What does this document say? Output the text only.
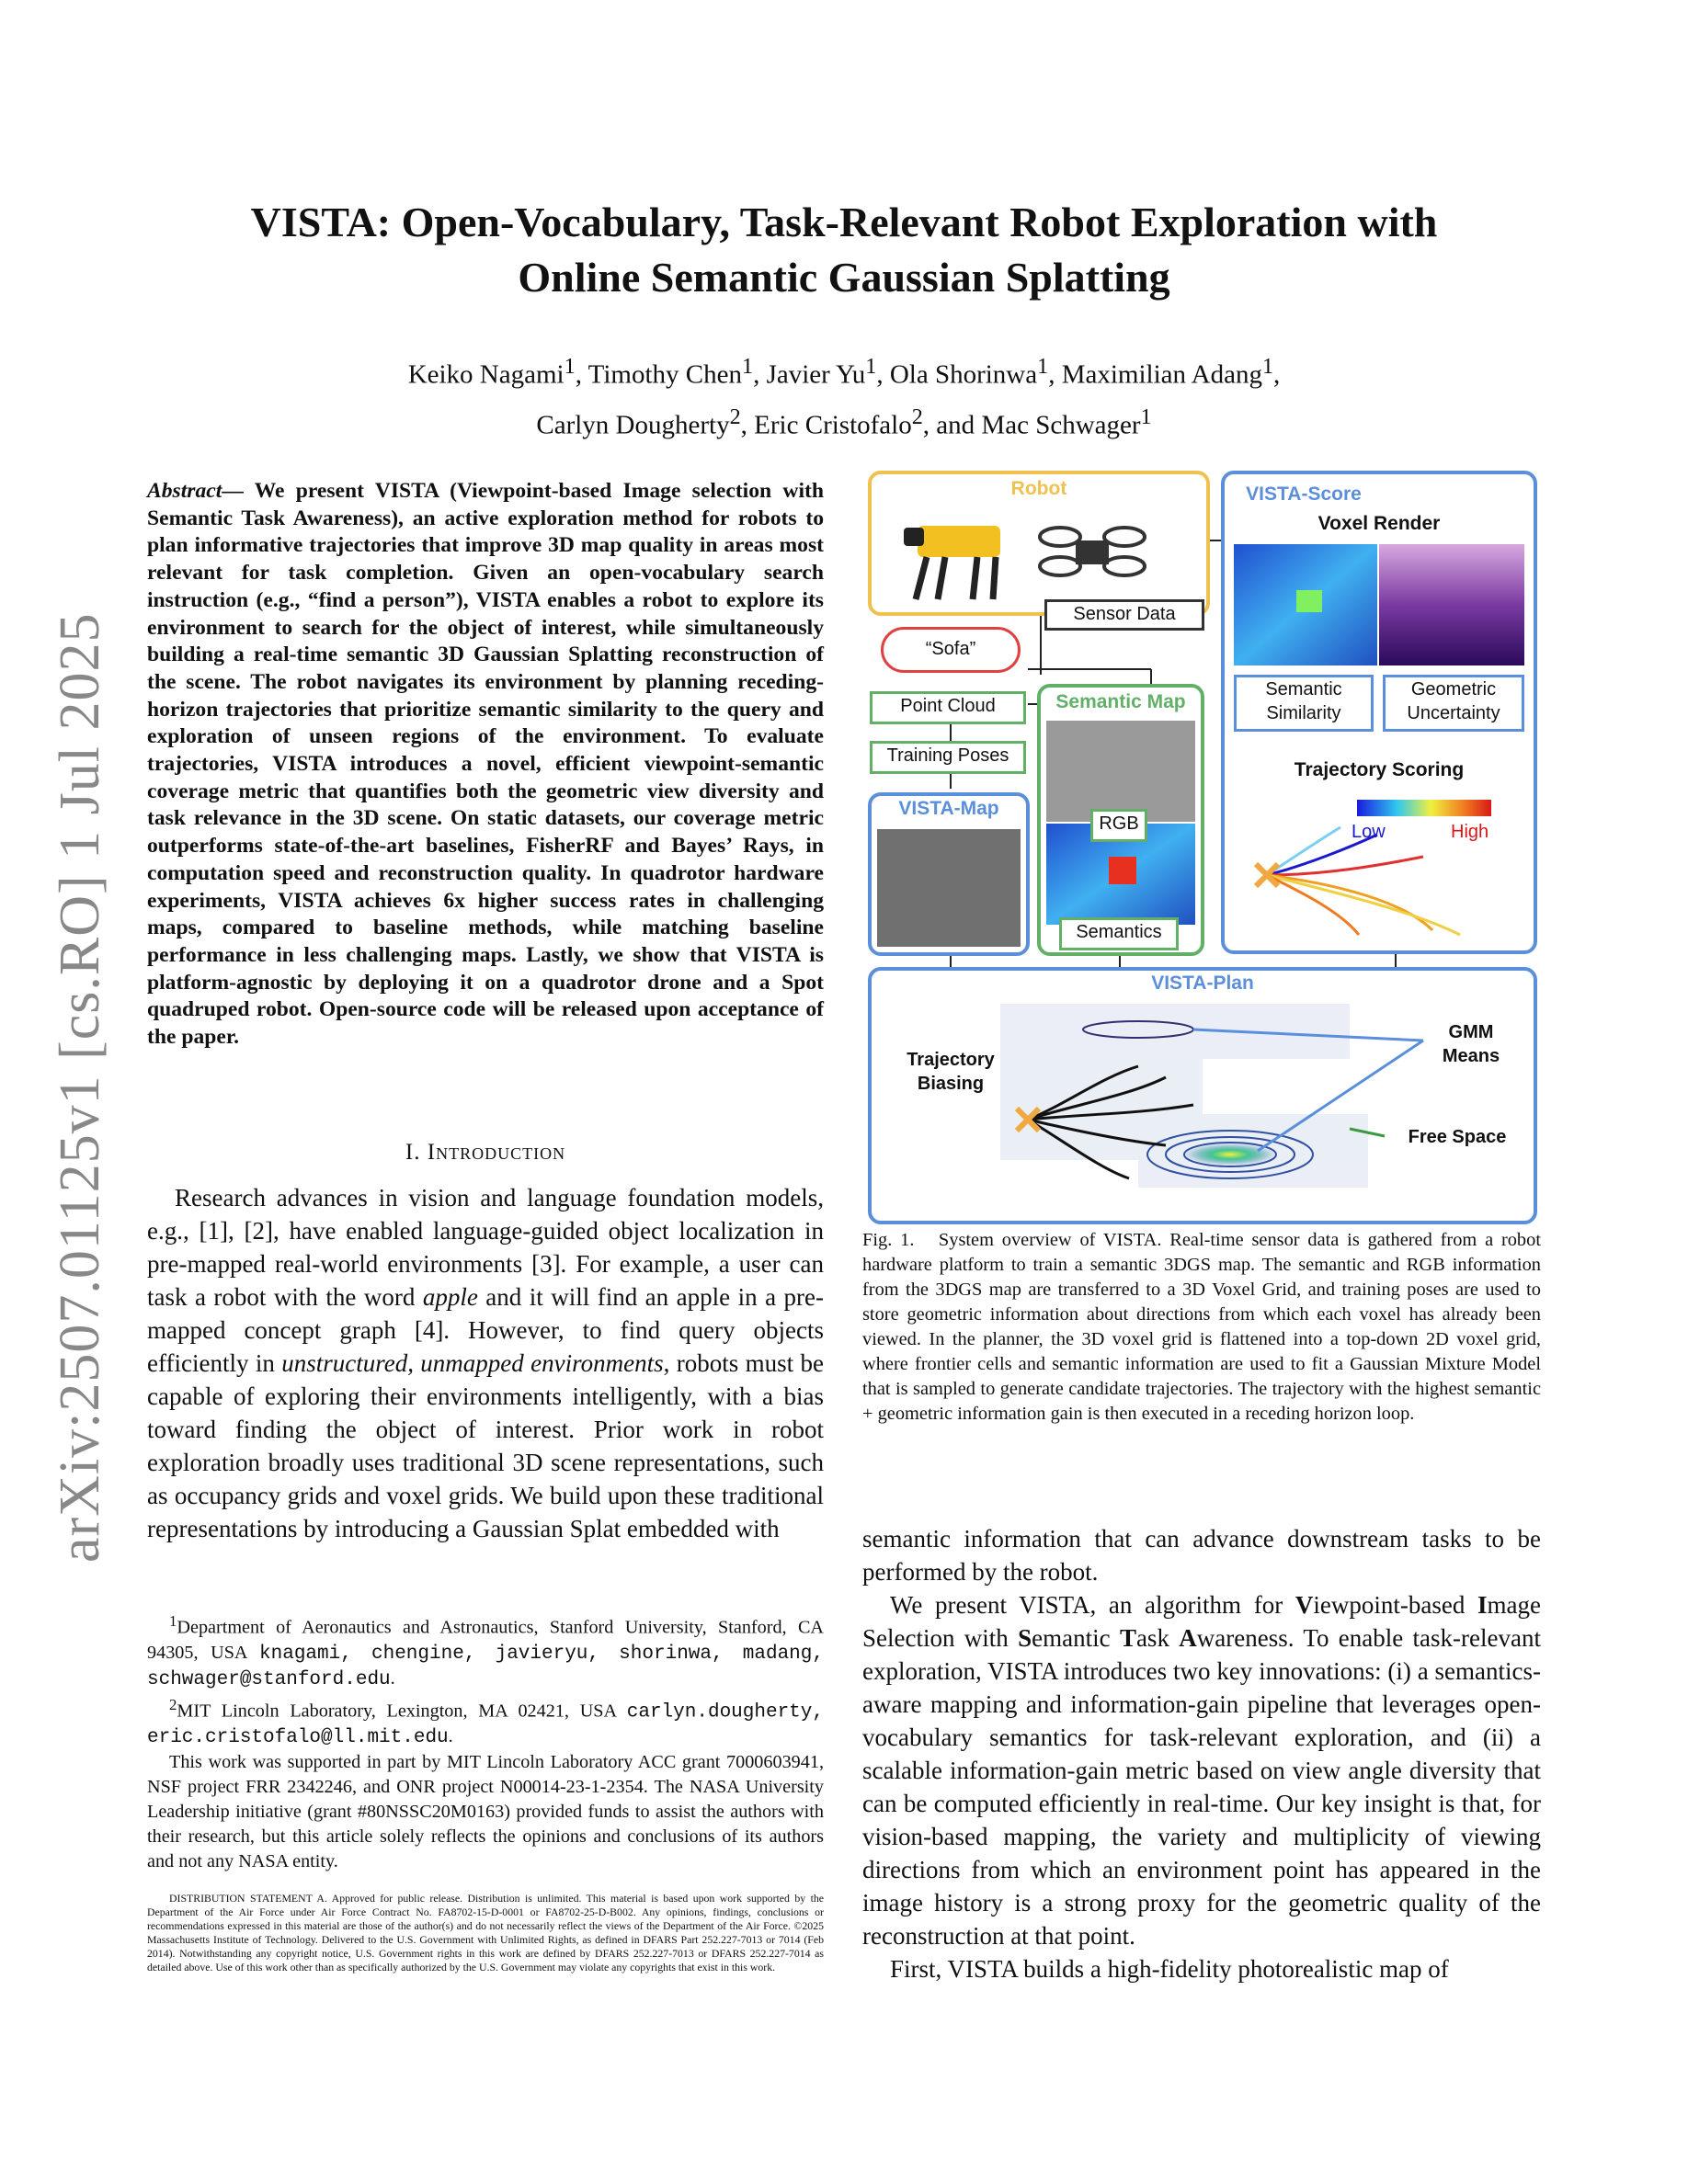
arXiv:2507.01125v1 [cs.RO] 1 Jul 2025
VISTA: Open-Vocabulary, Task-Relevant Robot Exploration with
Online Semantic Gaussian Splatting
Keiko Nagami$^1$, Timothy Chen$^1$, Javier Yu$^1$, Ola Shorinwa$^1$, Maximilian Adang$^1$,
Carlyn Dougherty$^2$, Eric Cristofalo$^2$, and Mac Schwager$^1$
Abstract— We present VISTA (Viewpoint-based Image selection with Semantic Task Awareness), an active exploration method for robots to plan informative trajectories that improve 3D map quality in areas most relevant for task completion. Given an open-vocabulary search instruction (e.g., “find a person”), VISTA enables a robot to explore its environment to search for the object of interest, while simultaneously building a real-time semantic 3D Gaussian Splatting reconstruction of the scene. The robot navigates its environment by planning receding-horizon trajectories that prioritize semantic similarity to the query and exploration of unseen regions of the environment. To evaluate trajectories, VISTA introduces a novel, efficient viewpoint-semantic coverage metric that quantifies both the geometric view diversity and task relevance in the 3D scene. On static datasets, our coverage metric outperforms state-of-the-art baselines, FisherRF and Bayes’ Rays, in computation speed and reconstruction quality. In quadrotor hardware experiments, VISTA achieves 6x higher success rates in challenging maps, compared to baseline methods, while matching baseline performance in less challenging maps. Lastly, we show that VISTA is platform-agnostic by deploying it on a quadrotor drone and a Spot quadruped robot. Open-source code will be released upon acceptance of the paper.
I. Introduction

Research advances in vision and language foundation models, e.g., [1], [2], have enabled language-guided object localization in pre-mapped real-world environments [3]. For example, a user can task a robot with the word apple and it will find an apple in a pre-mapped concept graph [4]. However, to find query objects efficiently in unstructured, unmapped environments, robots must be capable of exploring their environments intelligently, with a bias toward finding the object of interest. Prior work in robot exploration broadly uses traditional 3D scene representations, such as occupancy grids and voxel grids. We build upon these traditional representations by introducing a Gaussian Splat embedded with

$^1$Department of Aeronautics and Astronautics, Stanford University, Stanford, CA 94305, USA knagami, chengine, javieryu, shorinwa, madang, schwager@stanford.edu.

$^2$MIT Lincoln Laboratory, Lexington, MA 02421, USA carlyn.dougherty, eric.cristofalo@ll.mit.edu.

This work was supported in part by MIT Lincoln Laboratory ACC grant 7000603941, NSF project FRR 2342246, and ONR project N00014-23-1-2354. The NASA University Leadership initiative (grant #80NSSC20M0163) provided funds to assist the authors with their research, but this article solely reflects the opinions and conclusions of its authors and not any NASA entity.

DISTRIBUTION STATEMENT A. Approved for public release. Distribution is unlimited. This material is based upon work supported by the Department of the Air Force under Air Force Contract No. FA8702-15-D-0001 or FA8702-25-D-B002. Any opinions, findings, conclusions or recommendations expressed in this material are those of the author(s) and do not necessarily reflect the views of the Department of the Air Force. ©2025 Massachusetts Institute of Technology. Delivered to the U.S. Government with Unlimited Rights, as defined in DFARS Part 252.227-7013 or 7014 (Feb 2014). Notwithstanding any copyright notice, U.S. Government rights in this work are defined by DFARS 252.227-7013 or DFARS 252.227-7014 as detailed above. Use of this work other than as specifically authorized by the U.S. Government may violate any copyrights that exist in this work.

Robot
Sensor Data
“Sofa”
Point Cloud
Training Poses
Semantic Map
RGB
Semantics
VISTA-Map
VISTA-Score
Voxel Render
Semantic
Similarity
Geometric
Uncertainty
Trajectory Scoring
Low	High
VISTA-Plan
Trajectory
Biasing
GMM
Means
Free Space
Fig. 1. System overview of VISTA. Real-time sensor data is gathered from a robot hardware platform to train a semantic 3DGS map. The semantic and RGB information from the 3DGS map are transferred to a 3D Voxel Grid, and training poses are used to store geometric information about directions from which each voxel has already been viewed. In the planner, the 3D voxel grid is flattened into a top-down 2D voxel grid, where frontier cells and semantic information are used to fit a Gaussian Mixture Model that is sampled to generate candidate trajectories. The trajectory with the highest semantic + geometric information gain is then executed in a receding horizon loop.

semantic information that can advance downstream tasks to be performed by the robot.

We present VISTA, an algorithm for Viewpoint-based Image Selection with Semantic Task Awareness. To enable task-relevant exploration, VISTA introduces two key innovations: (i) a semantics-aware mapping and information-gain pipeline that leverages open-vocabulary semantics for task-relevant exploration, and (ii) a scalable information-gain metric based on view angle diversity that can be computed efficiently in real-time. Our key insight is that, for vision-based mapping, the variety and multiplicity of viewing directions from which an environment point has appeared in the image history is a strong proxy for the geometric quality of the reconstruction at that point.

First, VISTA builds a high-fidelity photorealistic map of
